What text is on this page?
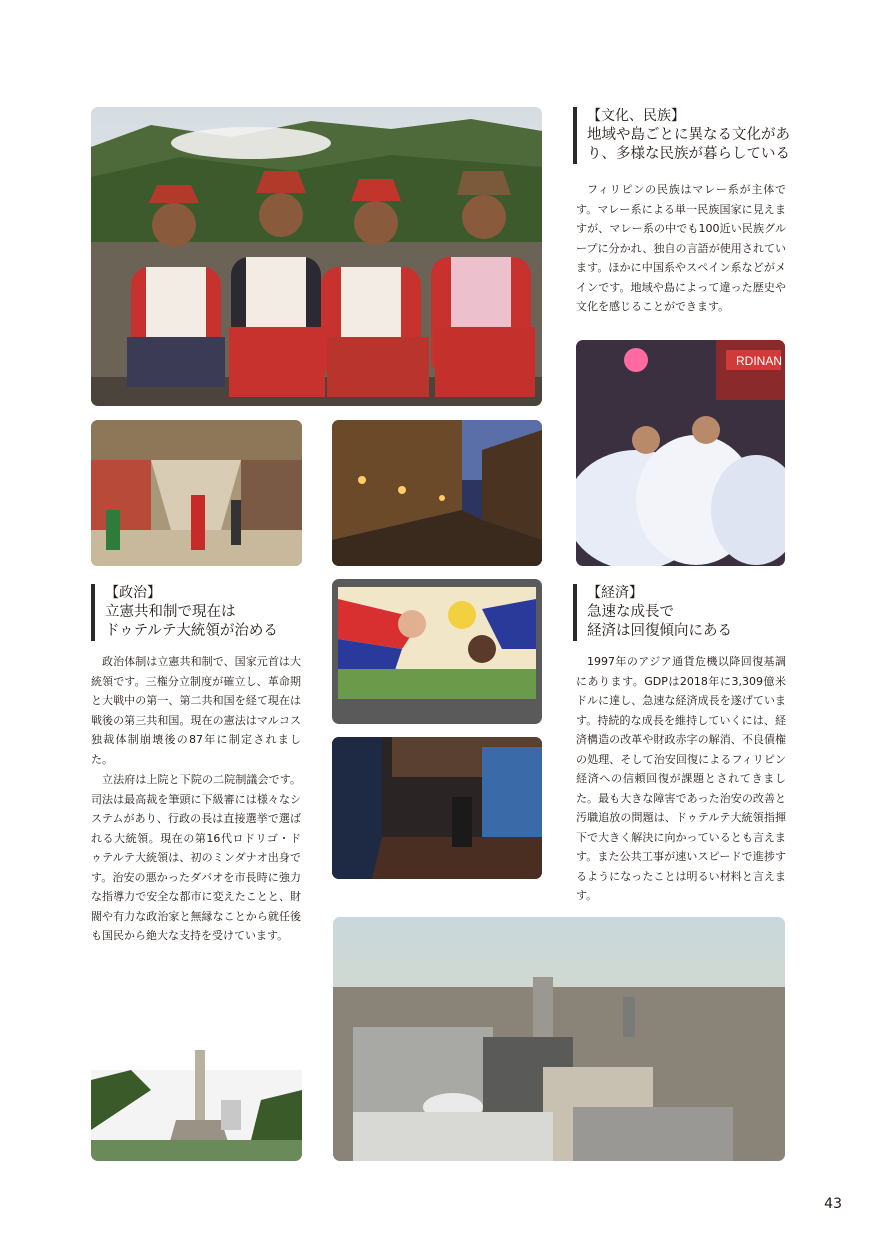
【文化、民族】
地域や島ごとに異なる文化があ
り、多様な民族が暮らしている

フィリピンの民族はマレー系が主体です。マレー系による単一民族国家に見えますが、マレー系の中でも100近い民族グループに分かれ、独自の言語が使用されています。ほかに中国系やスペイン系などがメインです。地域や島によって違った歴史や文化を感じることができます。

RDINAN
【政治】
立憲共和制で現在は
ドゥテルテ大統領が治める

政治体制は立憲共和制で、国家元首は大統領です。三権分立制度が確立し、革命期と大戦中の第一、第二共和国を経て現在は戦後の第三共和国。現在の憲法はマルコス独裁体制崩壊後の87年に制定されました。

立法府は上院と下院の二院制議会です。司法は最高裁を筆頭に下級審には様々なシステムがあり、行政の長は直接選挙で選ばれる大統領。現在の第16代ロドリゴ・ドゥテルテ大統領は、初のミンダナオ出身です。治安の悪かったダバオを市長時に強力な指導力で安全な都市に変えたことと、財閥や有力な政治家と無縁なことから就任後も国民から絶大な支持を受けています。

【経済】
急速な成長で
経済は回復傾向にある

1997年のアジア通貨危機以降回復基調にあります。GDPは2018年に3,309億米ドルに達し、急速な経済成長を遂げています。持続的な成長を維持していくには、経済構造の改革や財政赤字の解消、不良債権の処理、そして治安回復によるフィリピン経済への信頼回復が課題とされてきました。最も大きな障害であった治安の改善と汚職追放の問題は、ドゥテルテ大統領指揮下で大きく解決に向かっているとも言えます。また公共工事が速いスピードで進捗するようになったことは明るい材料と言えます。

43
